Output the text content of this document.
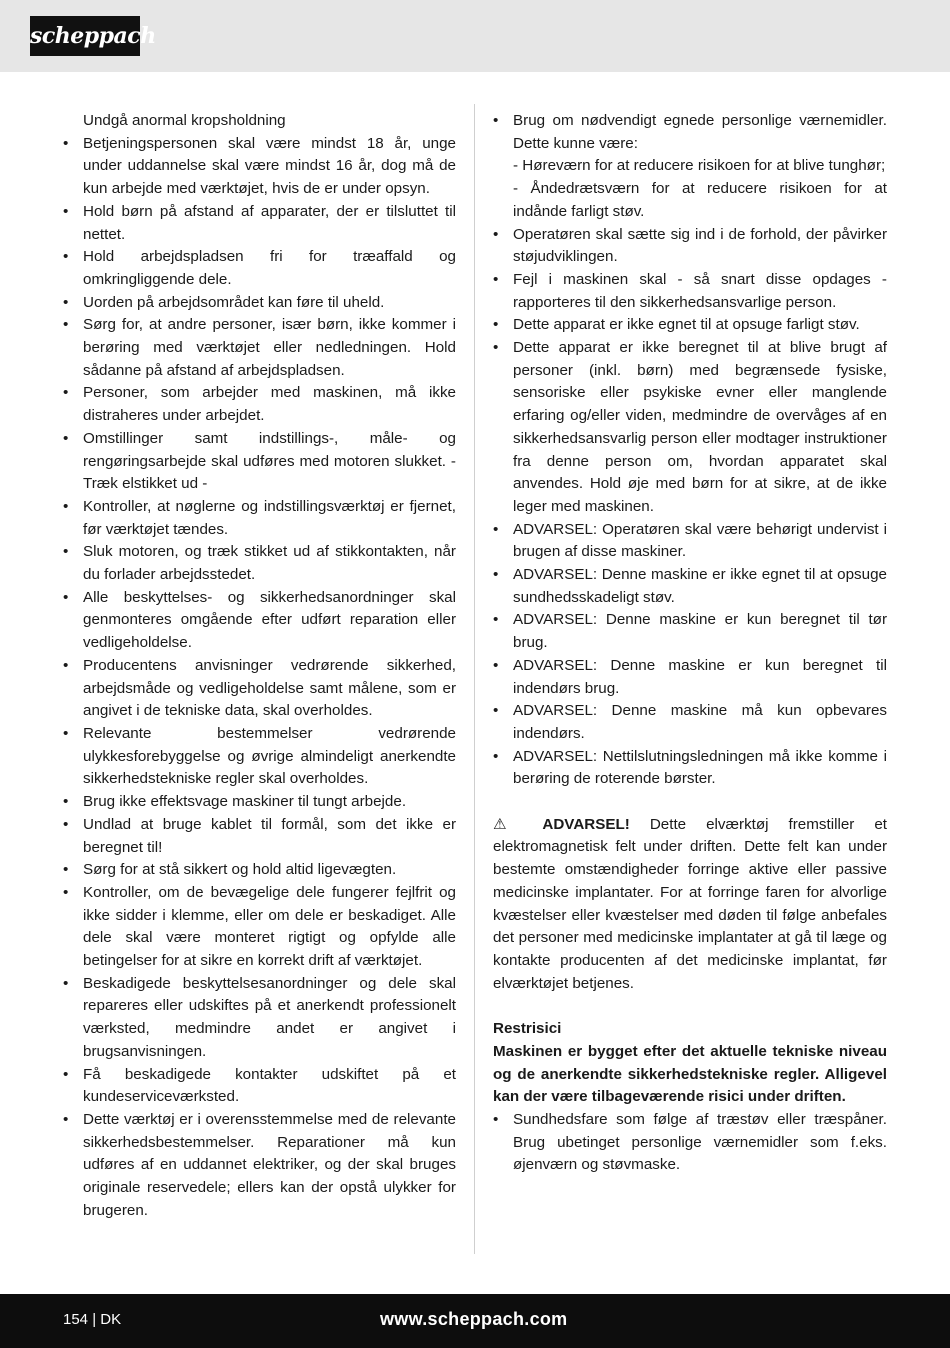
scheppach

Undgå anormal kropsholdning

• Betjeningspersonen skal være mindst 18 år, unge under uddannelse skal være mindst 16 år, dog må de kun arbejde med værktøjet, hvis de er under opsyn.
• Hold børn på afstand af apparater, der er tilsluttet til nettet.
• Hold arbejdspladsen fri for træaffald og omkringliggende dele.
• Uorden på arbejdsområdet kan føre til uheld.
• Sørg for, at andre personer, især børn, ikke kommer i berøring med værktøjet eller nedledningen. Hold sådanne på afstand af arbejdspladsen.
• Personer, som arbejder med maskinen, må ikke distraheres under arbejdet.
• Omstillinger samt indstillings-, måle- og rengøringsarbejde skal udføres med motoren slukket. - Træk elstikket ud -
• Kontroller, at nøglerne og indstillingsværktøj er fjernet, før værktøjet tændes.
• Sluk motoren, og træk stikket ud af stikkontakten, når du forlader arbejdsstedet.
• Alle beskyttelses- og sikkerhedsanordninger skal genmonteres omgående efter udført reparation eller vedligeholdelse.
• Producentens anvisninger vedrørende sikkerhed, arbejdsmåde og vedligeholdelse samt målene, som er angivet i de tekniske data, skal overholdes.
• Relevante bestemmelser vedrørende ulykkesforebyggelse og øvrige almindeligt anerkendte sikkerhedstekniske regler skal overholdes.
• Brug ikke effektsvage maskiner til tungt arbejde.
• Undlad at bruge kablet til formål, som det ikke er beregnet til!
• Sørg for at stå sikkert og hold altid ligevægten.
• Kontroller, om de bevægelige dele fungerer fejlfrit og ikke sidder i klemme, eller om dele er beskadiget. Alle dele skal være monteret rigtigt og opfylde alle betingelser for at sikre en korrekt drift af værktøjet.
• Beskadigede beskyttelsesanordninger og dele skal repareres eller udskiftes på et anerkendt professionelt værksted, medmindre andet er angivet i brugsanvisningen.
• Få beskadigede kontakter udskiftet på et kundeserviceværksted.
• Dette værktøj er i overensstemmelse med de relevante sikkerhedsbestemmelser. Reparationer må kun udføres af en uddannet elektriker, og der skal bruges originale reservedele; ellers kan der opstå ulykker for brugeren.
• Brug om nødvendigt egnede personlige værnemidler. Dette kunne være:
- Høreværn for at reducere risikoen for at blive tunghør;
- Åndedrætsværn for at reducere risikoen for at indånde farligt støv.
• Operatøren skal sætte sig ind i de forhold, der påvirker støjudviklingen.
• Fejl i maskinen skal - så snart disse opdages - rapporteres til den sikkerhedsansvarlige person.
• Dette apparat er ikke egnet til at opsuge farligt støv.
• Dette apparat er ikke beregnet til at blive brugt af personer (inkl. børn) med begrænsede fysiske, sensoriske eller psykiske evner eller manglende erfaring og/eller viden, medmindre de overvåges af en sikkerhedsansvarlig person eller modtager instruktioner fra denne person om, hvordan apparatet skal anvendes. Hold øje med børn for at sikre, at de ikke leger med maskinen.
• ADVARSEL: Operatøren skal være behørigt undervist i brugen af disse maskiner.
• ADVARSEL: Denne maskine er ikke egnet til at opsuge sundhedsskadeligt støv.
• ADVARSEL: Denne maskine er kun beregnet til tør brug.
• ADVARSEL: Denne maskine er kun beregnet til indendørs brug.
• ADVARSEL: Denne maskine må kun opbevares indendørs.
• ADVARSEL: Nettilslutningsledningen må ikke komme i berøring de roterende børster.

⚠ ADVARSEL! Dette elværktøj fremstiller et elektromagnetisk felt under driften. Dette felt kan under bestemte omstændigheder forringe aktive eller passive medicinske implantater. For at forringe faren for alvorlige kvæstelser eller kvæstelser med døden til følge anbefales det personer med medicinske implantater at gå til læge og kontakte producenten af det medicinske implantat, før elværktøjet betjenes.

Restrisici

Maskinen er bygget efter det aktuelle tekniske niveau og de anerkendte sikkerhedstekniske regler. Alligevel kan der være tilbageværende risici under driften.

• Sundhedsfare som følge af træstøv eller træspåner. Brug ubetinget personlige værnemidler som f.eks. øjenværn og støvmaske.
154 | DK	www.scheppach.com
